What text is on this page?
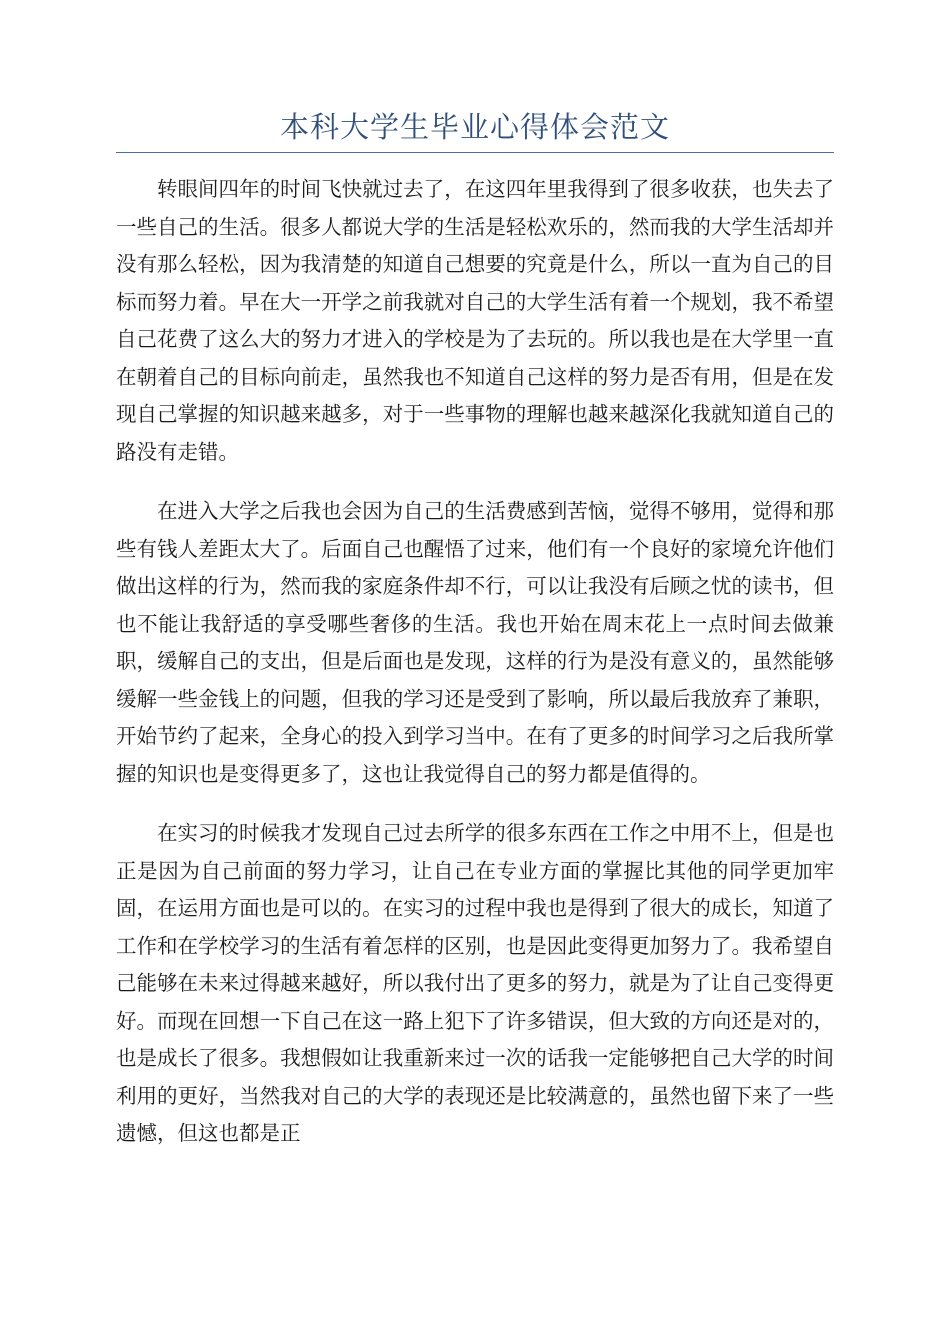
本科大学生毕业心得体会范文

转眼间四年的时间飞快就过去了，在这四年里我得到了很多收获，也失去了一些自己的生活。很多人都说大学的生活是轻松欢乐的，然而我的大学生活却并没有那么轻松，因为我清楚的知道自己想要的究竟是什么，所以一直为自己的目标而努力着。早在大一开学之前我就对自己的大学生活有着一个规划，我不希望自己花费了这么大的努力才进入的学校是为了去玩的。所以我也是在大学里一直在朝着自己的目标向前走，虽然我也不知道自己这样的努力是否有用，但是在发现自己掌握的知识越来越多，对于一些事物的理解也越来越深化我就知道自己的路没有走错。

在进入大学之后我也会因为自己的生活费感到苦恼，觉得不够用，觉得和那些有钱人差距太大了。后面自己也醒悟了过来，他们有一个良好的家境允许他们做出这样的行为，然而我的家庭条件却不行，可以让我没有后顾之忧的读书，但也不能让我舒适的享受哪些奢侈的生活。我也开始在周末花上一点时间去做兼职，缓解自己的支出，但是后面也是发现，这样的行为是没有意义的，虽然能够缓解一些金钱上的问题，但我的学习还是受到了影响，所以最后我放弃了兼职，开始节约了起来，全身心的投入到学习当中。在有了更多的时间学习之后我所掌握的知识也是变得更多了，这也让我觉得自己的努力都是值得的。

在实习的时候我才发现自己过去所学的很多东西在工作之中用不上，但是也正是因为自己前面的努力学习，让自己在专业方面的掌握比其他的同学更加牢固，在运用方面也是可以的。在实习的过程中我也是得到了很大的成长，知道了工作和在学校学习的生活有着怎样的区别，也是因此变得更加努力了。我希望自己能够在未来过得越来越好，所以我付出了更多的努力，就是为了让自己变得更好。而现在回想一下自己在这一路上犯下了许多错误，但大致的方向还是对的，也是成长了很多。我想假如让我重新来过一次的话我一定能够把自己大学的时间利用的更好，当然我对自己的大学的表现还是比较满意的，虽然也留下来了一些遗憾，但这也都是正
